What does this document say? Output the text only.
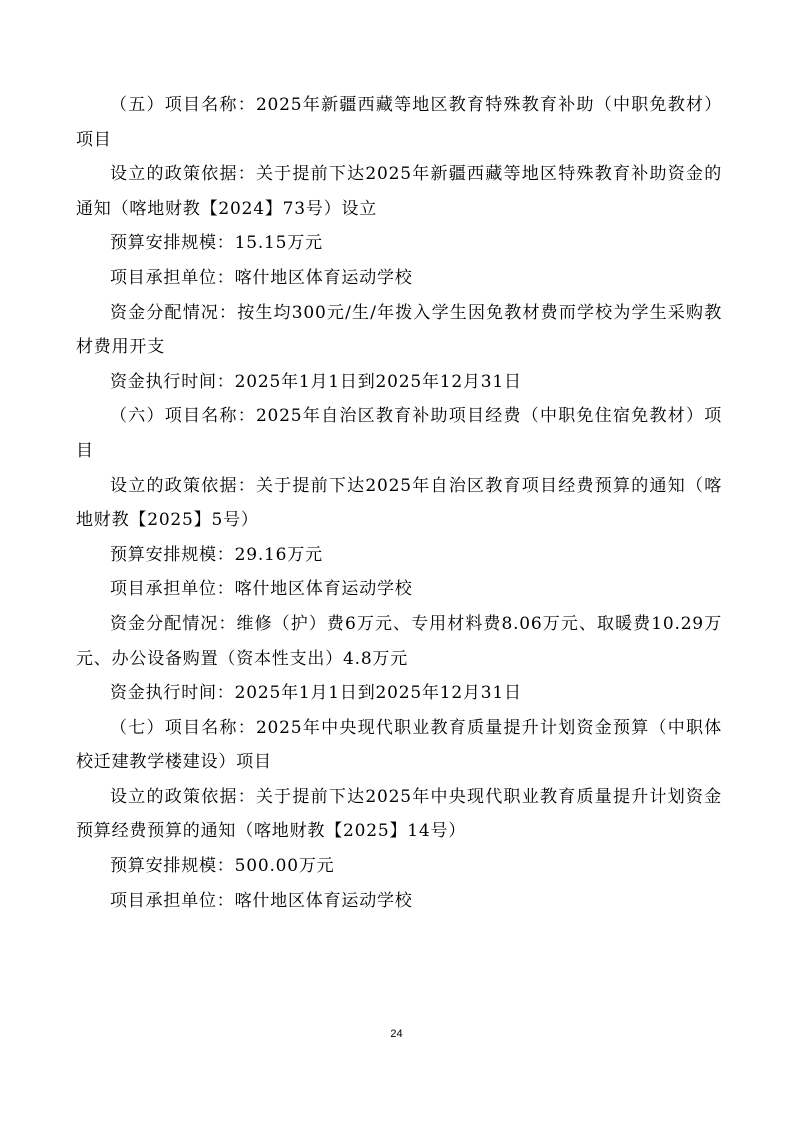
（五）项目名称：2025年新疆西藏等地区教育特殊教育补助（中职免教材）项目

设立的政策依据：关于提前下达2025年新疆西藏等地区特殊教育补助资金的通知（喀地财教【2024】73号）设立

预算安排规模：15.15万元

项目承担单位：喀什地区体育运动学校

资金分配情况：按生均300元/生/年拨入学生因免教材费而学校为学生采购教材费用开支

资金执行时间：2025年1月1日到2025年12月31日

（六）项目名称：2025年自治区教育补助项目经费（中职免住宿免教材）项目

设立的政策依据：关于提前下达2025年自治区教育项目经费预算的通知（喀地财教【2025】5号）

预算安排规模：29.16万元

项目承担单位：喀什地区体育运动学校

资金分配情况：维修（护）费6万元、专用材料费8.06万元、取暖费10.29万元、办公设备购置（资本性支出）4.8万元

资金执行时间：2025年1月1日到2025年12月31日

（七）项目名称：2025年中央现代职业教育质量提升计划资金预算（中职体校迁建教学楼建设）项目

设立的政策依据：关于提前下达2025年中央现代职业教育质量提升计划资金预算经费预算的通知（喀地财教【2025】14号）

预算安排规模：500.00万元

项目承担单位：喀什地区体育运动学校

24
